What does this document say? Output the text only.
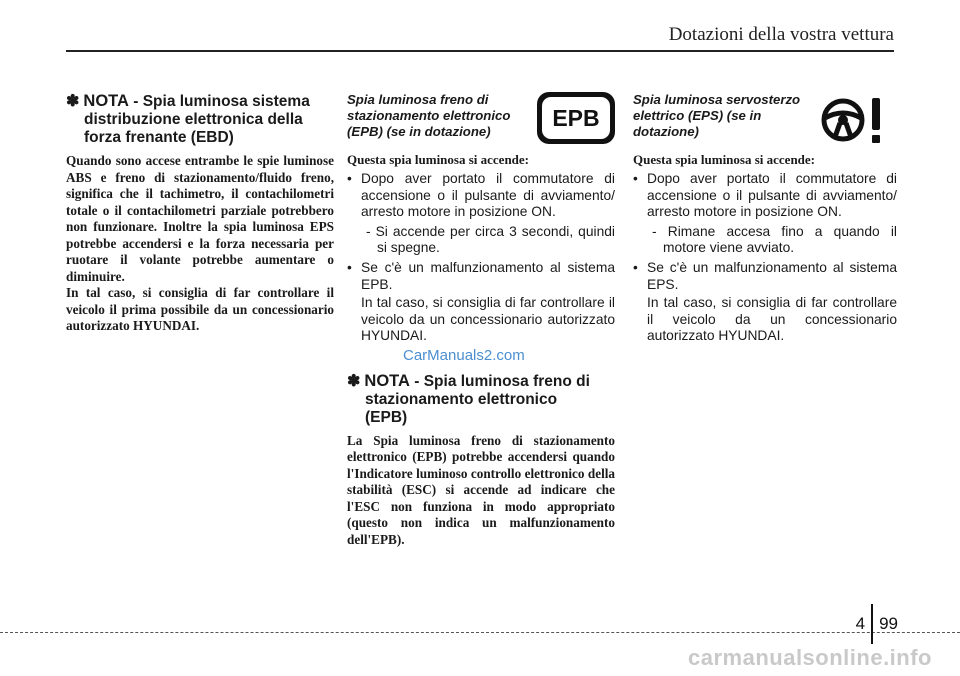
Dotazioni della vostra vettura
✽ NOTA - Spia luminosa sistema
distribuzione elettronica della
forza frenante (EBD)
Quando sono accese entrambe le spie luminose ABS e freno di stazionamento/fluido freno, significa che il tachimetro, il contachilometri totale o il contachilometri parziale potrebbero non funzionare. Inoltre la spia luminosa EPS potrebbe accendersi e la forza necessaria per ruotare il volante potrebbe aumentare o diminuire.
In tal caso, si consiglia di far controllare il veicolo il prima possibile da un concessionario autorizzato HYUNDAI.
Spia luminosa freno di stazionamento elettronico (EPB) (se in dotazione)
EPB
Questa spia luminosa si accende:
• Dopo aver portato il commutatore di accensione o il pulsante di avviamento/ arresto motore in posizione ON.
- Si accende per circa 3 secondi, quindi si spegne.
• Se c'è un malfunzionamento al sistema EPB.
In tal caso, si consiglia di far controllare il veicolo da un concessionario autorizzato HYUNDAI.
CarManuals2.com
✽ NOTA - Spia luminosa freno di
stazionamento elettronico
(EPB)
La Spia luminosa freno di stazionamento elettronico (EPB) potrebbe accendersi quando l'Indicatore luminoso controllo elettronico della stabilità (ESC) si accende ad indicare che l'ESC non funziona in modo appropriato (questo non indica un malfunzionamento dell'EPB).
Spia luminosa servosterzo elettrico (EPS) (se in dotazione)
Questa spia luminosa si accende:
• Dopo aver portato il commutatore di accensione o il pulsante di avviamento/ arresto motore in posizione ON.
- Rimane accesa fino a quando il motore viene avviato.
• Se c'è un malfunzionamento al sistema EPS.
In tal caso, si consiglia di far controllare il veicolo da un concessionario autorizzato HYUNDAI.
4 99
carmanualsonline.info
